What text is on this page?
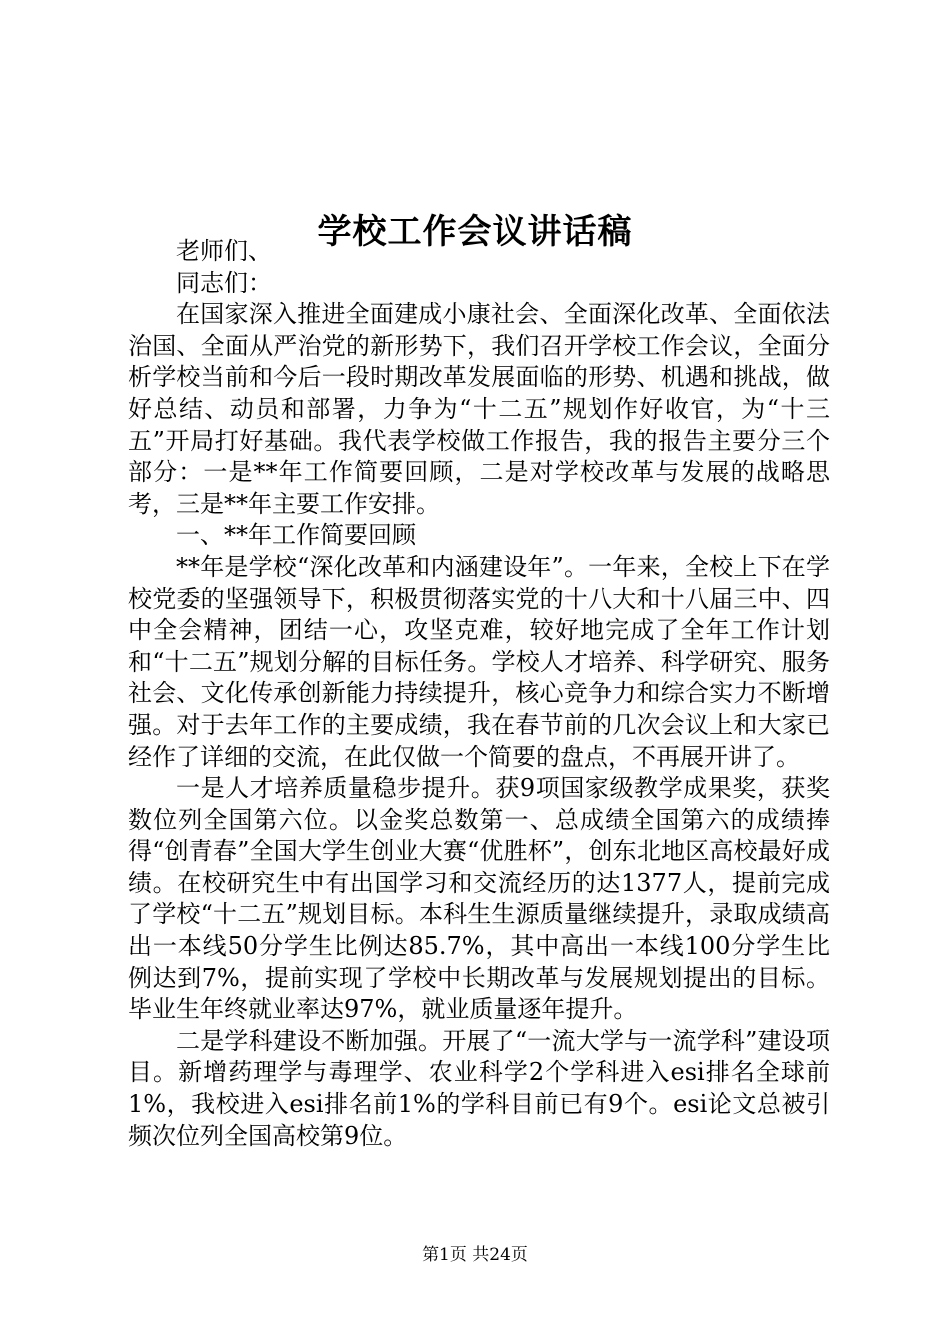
学校工作会议讲话稿

老师们、

同志们：

在国家深入推进全面建成小康社会、全面深化改革、全面依法治国、全面从严治党的新形势下，我们召开学校工作会议，全面分析学校当前和今后一段时期改革发展面临的形势、机遇和挑战，做好总结、动员和部署，力争为“十二五”规划作好收官，为“十三五”开局打好基础。我代表学校做工作报告，我的报告主要分三个部分：一是**年工作简要回顾，二是对学校改革与发展的战略思考，三是**年主要工作安排。

一、**年工作简要回顾

**年是学校“深化改革和内涵建设年”。一年来，全校上下在学校党委的坚强领导下，积极贯彻落实党的十八大和十八届三中、四中全会精神，团结一心，攻坚克难，较好地完成了全年工作计划和“十二五”规划分解的目标任务。学校人才培养、科学研究、服务社会、文化传承创新能力持续提升，核心竞争力和综合实力不断增强。对于去年工作的主要成绩，我在春节前的几次会议上和大家已经作了详细的交流，在此仅做一个简要的盘点，不再展开讲了。

一是人才培养质量稳步提升。获9项国家级教学成果奖，获奖数位列全国第六位。以金奖总数第一、总成绩全国第六的成绩捧得“创青春”全国大学生创业大赛“优胜杯”，创东北地区高校最好成绩。在校研究生中有出国学习和交流经历的达1377人，提前完成了学校“十二五”规划目标。本科生生源质量继续提升，录取成绩高出一本线50分学生比例达85.7%，其中高出一本线100分学生比例达到7%，提前实现了学校中长期改革与发展规划提出的目标。毕业生年终就业率达97%，就业质量逐年提升。

二是学科建设不断加强。开展了“一流大学与一流学科”建设项目。新增药理学与毒理学、农业科学2个学科进入esi排名全球前1%，我校进入esi排名前1%的学科目前已有9个。esi论文总被引频次位列全国高校第9位。

第1页 共24页
